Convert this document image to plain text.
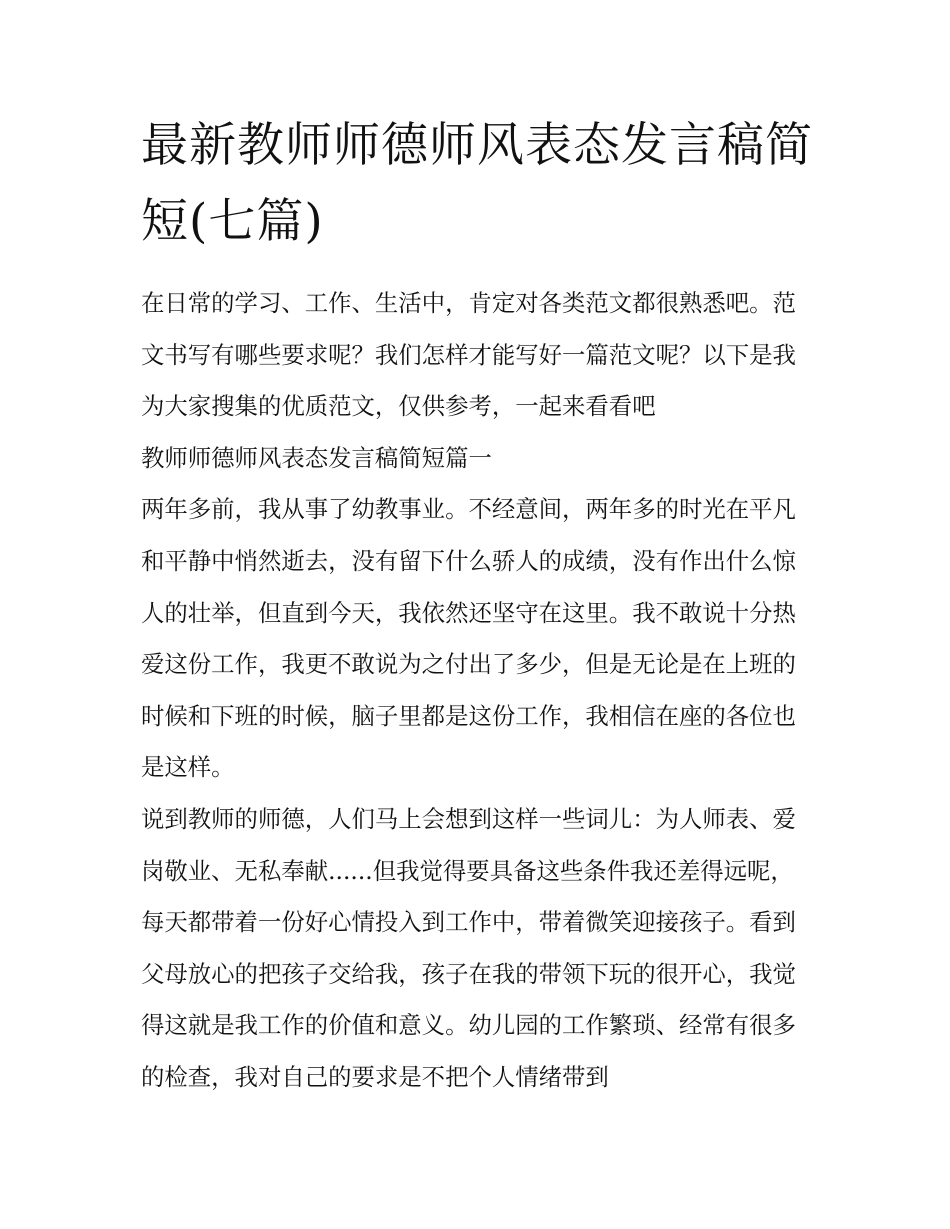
最新教师师德师风表态发言稿简短(七篇)

在日常的学习、工作、生活中，肯定对各类范文都很熟悉吧。范文书写有哪些要求呢？我们怎样才能写好一篇范文呢？以下是我为大家搜集的优质范文，仅供参考，一起来看看吧

教师师德师风表态发言稿简短篇一

两年多前，我从事了幼教事业。不经意间，两年多的时光在平凡和平静中悄然逝去，没有留下什么骄人的成绩，没有作出什么惊人的壮举，但直到今天，我依然还坚守在这里。我不敢说十分热爱这份工作，我更不敢说为之付出了多少，但是无论是在上班的时候和下班的时候，脑子里都是这份工作，我相信在座的各位也是这样。

说到教师的师德，人们马上会想到这样一些词儿：为人师表、爱岗敬业、无私奉献......但我觉得要具备这些条件我还差得远呢，每天都带着一份好心情投入到工作中，带着微笑迎接孩子。看到父母放心的把孩子交给我，孩子在我的带领下玩的很开心，我觉得这就是我工作的价值和意义。幼儿园的工作繁琐、经常有很多的检查，我对自己的要求是不把个人情绪带到
